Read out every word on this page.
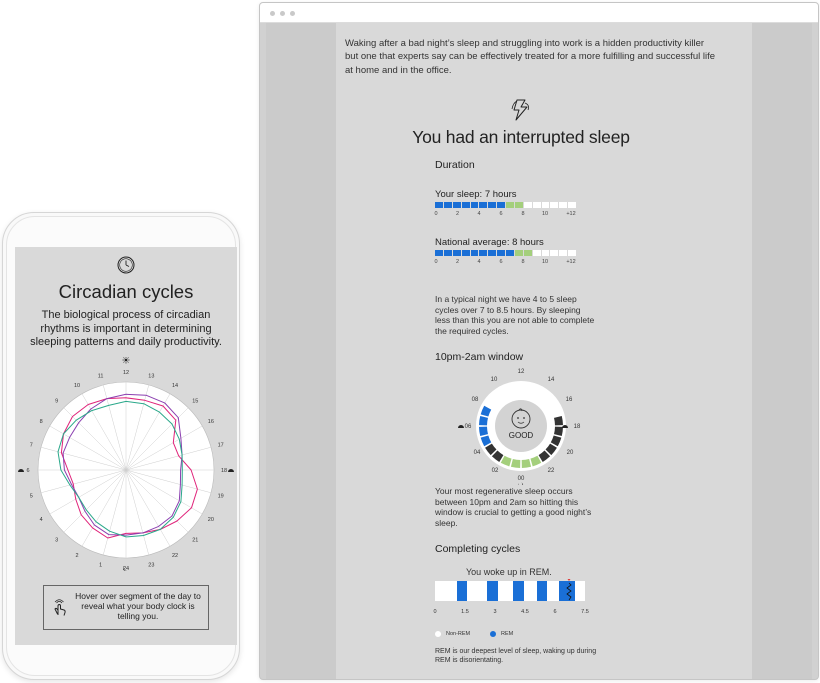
Circadian cycles
The biological process of circadian rhythms is important in determining sleeping patterns and daily productivity.
24
1
2
3
4
5
6
7
8
9
10
11
12
13
14
15
16
17
18
19
20
21
22
23
Hover over segment of the day to reveal what your body clock is telling you.
Waking after a bad night’s sleep and struggling into work is a hidden productivity killer but one that experts say can be effectively treated for a more fulfilling and successful life at home and in the office.
You had an interrupted sleep
Duration
Your sleep: 7 hours
0	2	4	6	8	10	+12
National average: 8 hours
0	2	4	6	8	10	+12
In a typical night we have 4 to 5 sleep cycles over 7 to 8.5 hours. By sleeping less than this you are not able to complete the required cycles.
10pm-2am window
GOOD
12
14
16
18
20
22
00
02
04
06
08
10
Your most regenerative sleep occurs between 10pm and 2am so hitting this window is crucial to getting a good night’s sleep.
Completing cycles
You woke up in REM.
0	1.5	3	4.5	6	7.5
Non-REM	REM
REM is our deepest level of sleep, waking up during REM is disorientating.
